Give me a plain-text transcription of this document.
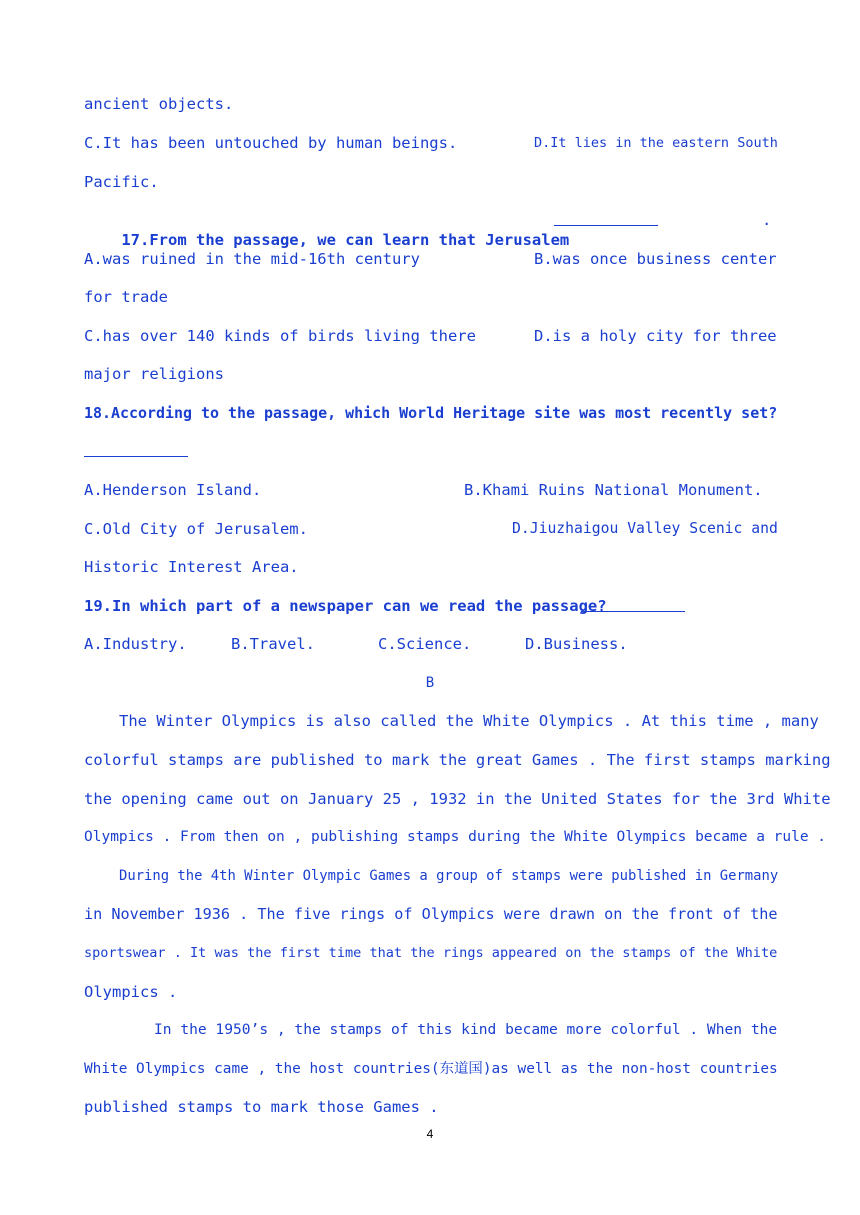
ancient objects.
C.It has been untouched by human beings.	D.It lies in the eastern South
Pacific.

17.From the passage, we can learn that Jerusalem

.
A.was ruined in the mid-16th century	B.was once business center
for trade
C.has over 140 kinds of birds living there	D.is a holy city for three
major religions
18.According to the passage, which World Heritage site was most recently set?
A.Henderson Island.	B.Khami Ruins National Monument.
C.Old City of Jerusalem.	D.Jiuzhaigou Valley Scenic and
Historic Interest Area.
19.In which part of a newspaper can we read the passage?
A.Industry.	B.Travel.	C.Science.	D.Business.
B
The Winter Olympics is also called the White Olympics . At this time , many
colorful stamps are published to mark the great Games . The first stamps marking
the opening came out on January 25 , 1932 in the United States for the 3rd White
Olympics . From then on , publishing stamps during the White Olympics became a rule .
During the 4th Winter Olympic Games a group of stamps were published in Germany
in November 1936 . The five rings of Olympics were drawn on the front of the
sportswear . It was the first time that the rings appeared on the stamps of the White
Olympics .
In the 1950’s , the stamps of this kind became more colorful . When the
White Olympics came , the host countries(东道国)as well as the non-host countries
published stamps to mark those Games .
4
